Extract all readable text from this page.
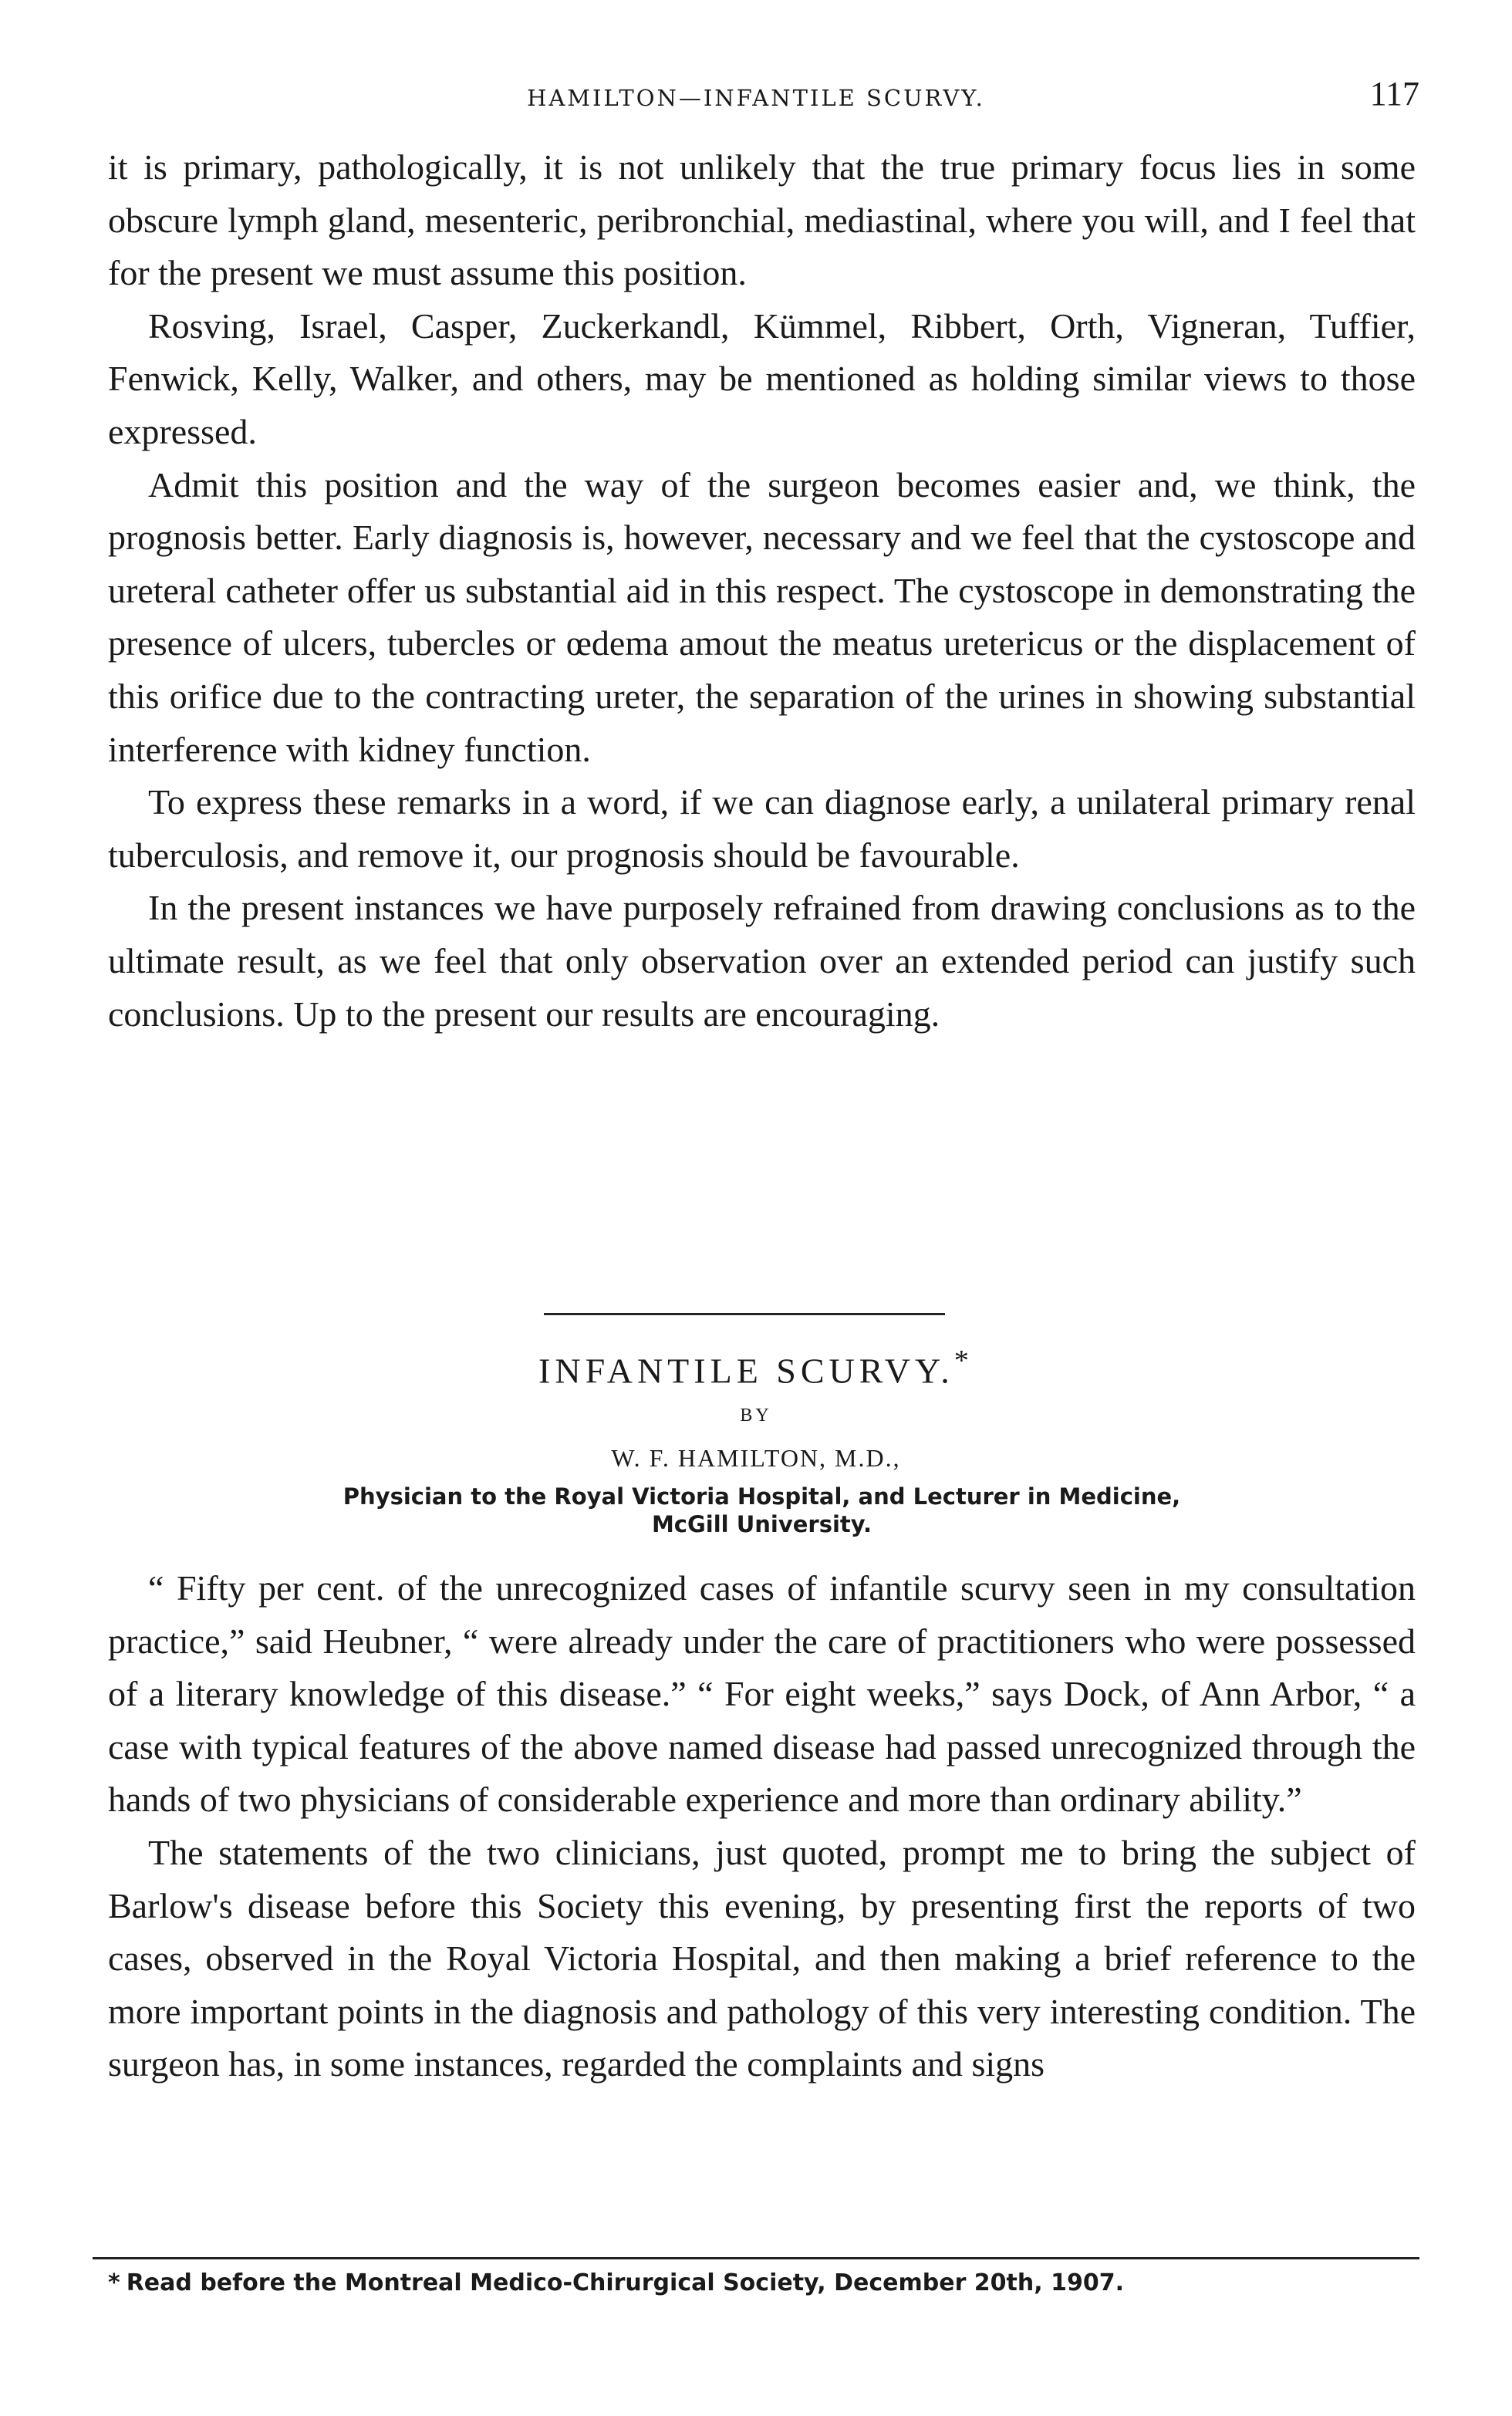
HAMILTON—INFANTILE SCURVY.	117

it is primary, pathologically, it is not unlikely that the true primary focus lies in some obscure lymph gland, mesenteric, peribronchial, mediastinal, where you will, and I feel that for the present we must assume this position.

Rosving, Israel, Casper, Zuckerkandl, Kümmel, Ribbert, Orth, Vigneran, Tuffier, Fenwick, Kelly, Walker, and others, may be mentioned as holding similar views to those expressed.

Admit this position and the way of the surgeon becomes easier and, we think, the prognosis better. Early diagnosis is, however, necessary and we feel that the cystoscope and ureteral catheter offer us substantial aid in this respect. The cystoscope in demonstrating the presence of ulcers, tubercles or œdema amout the meatus uretericus or the displacement of this orifice due to the contracting ureter, the separation of the urines in showing substantial interference with kidney function.

To express these remarks in a word, if we can diagnose early, a unilateral primary renal tuberculosis, and remove it, our prognosis should be favourable.

In the present instances we have purposely refrained from drawing conclusions as to the ultimate result, as we feel that only observation over an extended period can justify such conclusions. Up to the present our results are encouraging.

INFANTILE SCURVY.*
BY
W. F. HAMILTON, M.D.,
Physician to the Royal Victoria Hospital, and Lecturer in Medicine,
McGill University.

“ Fifty per cent. of the unrecognized cases of infantile scurvy seen in my consultation practice,” said Heubner, “ were already under the care of practitioners who were possessed of a literary knowledge of this disease.” “ For eight weeks,” says Dock, of Ann Arbor, “ a case with typical features of the above named disease had passed unrecognized through the hands of two physicians of considerable experience and more than ordinary ability.”

The statements of the two clinicians, just quoted, prompt me to bring the subject of Barlow's disease before this Society this evening, by presenting first the reports of two cases, observed in the Royal Victoria Hospital, and then making a brief reference to the more important points in the diagnosis and pathology of this very interesting condition. The surgeon has, in some instances, regarded the complaints and signs

* Read before the Montreal Medico-Chirurgical Society, December 20th, 1907.
